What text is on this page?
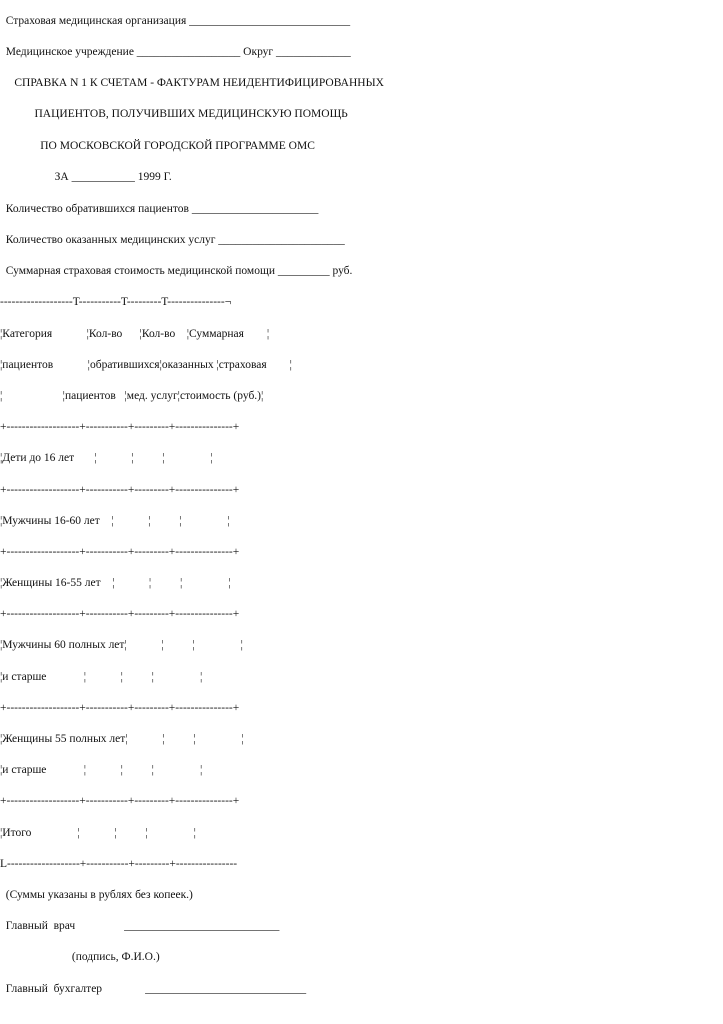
Страховая медицинская организация ____________________________
Медицинское учреждение __________________ Округ _____________
СПРАВКА N 1 К СЧЕТАМ - ФАКТУРАМ НЕИДЕНТИФИЦИРОВАННЫХ
ПАЦИЕНТОВ, ПОЛУЧИВШИХ МЕДИЦИНСКУЮ ПОМОЩЬ
ПО МОСКОВСКОЙ ГОРОДСКОЙ ПРОГРАММЕ ОМС
ЗА ___________ 1999 Г.
Количество обратившихся пациентов ______________________
Количество оказанных медицинских услуг ______________________
Суммарная страховая стоимость медицинской помощи _________ руб.
-------------------T-----------T---------T---------------¬
¦Категория            ¦Кол-во      ¦Кол-во    ¦Суммарная        ¦
¦пациентов            ¦обратившихся¦оказанных ¦страховая        ¦
¦                     ¦пациентов   ¦мед. услуг¦стоимость (руб.)¦
+-------------------+-----------+---------+---------------+
¦Дети до 16 лет       ¦            ¦          ¦                ¦
+-------------------+-----------+---------+---------------+
¦Мужчины 16-60 лет    ¦            ¦          ¦                ¦
+-------------------+-----------+---------+---------------+
¦Женщины 16-55 лет    ¦            ¦          ¦                ¦
+-------------------+-----------+---------+---------------+
¦Мужчины 60 полных лет¦            ¦          ¦                ¦
¦и старше             ¦            ¦          ¦                ¦
+-------------------+-----------+---------+---------------+
¦Женщины 55 полных лет¦            ¦          ¦                ¦
¦и старше             ¦            ¦          ¦                ¦
+-------------------+-----------+---------+---------------+
¦Итого                ¦            ¦          ¦                ¦
L-------------------+-----------+---------+----------------
(Суммы указаны в рублях без копеек.)
Главный  врач                 ___________________________
(подпись, Ф.И.О.)
Главный  бухгалтер               ____________________________
